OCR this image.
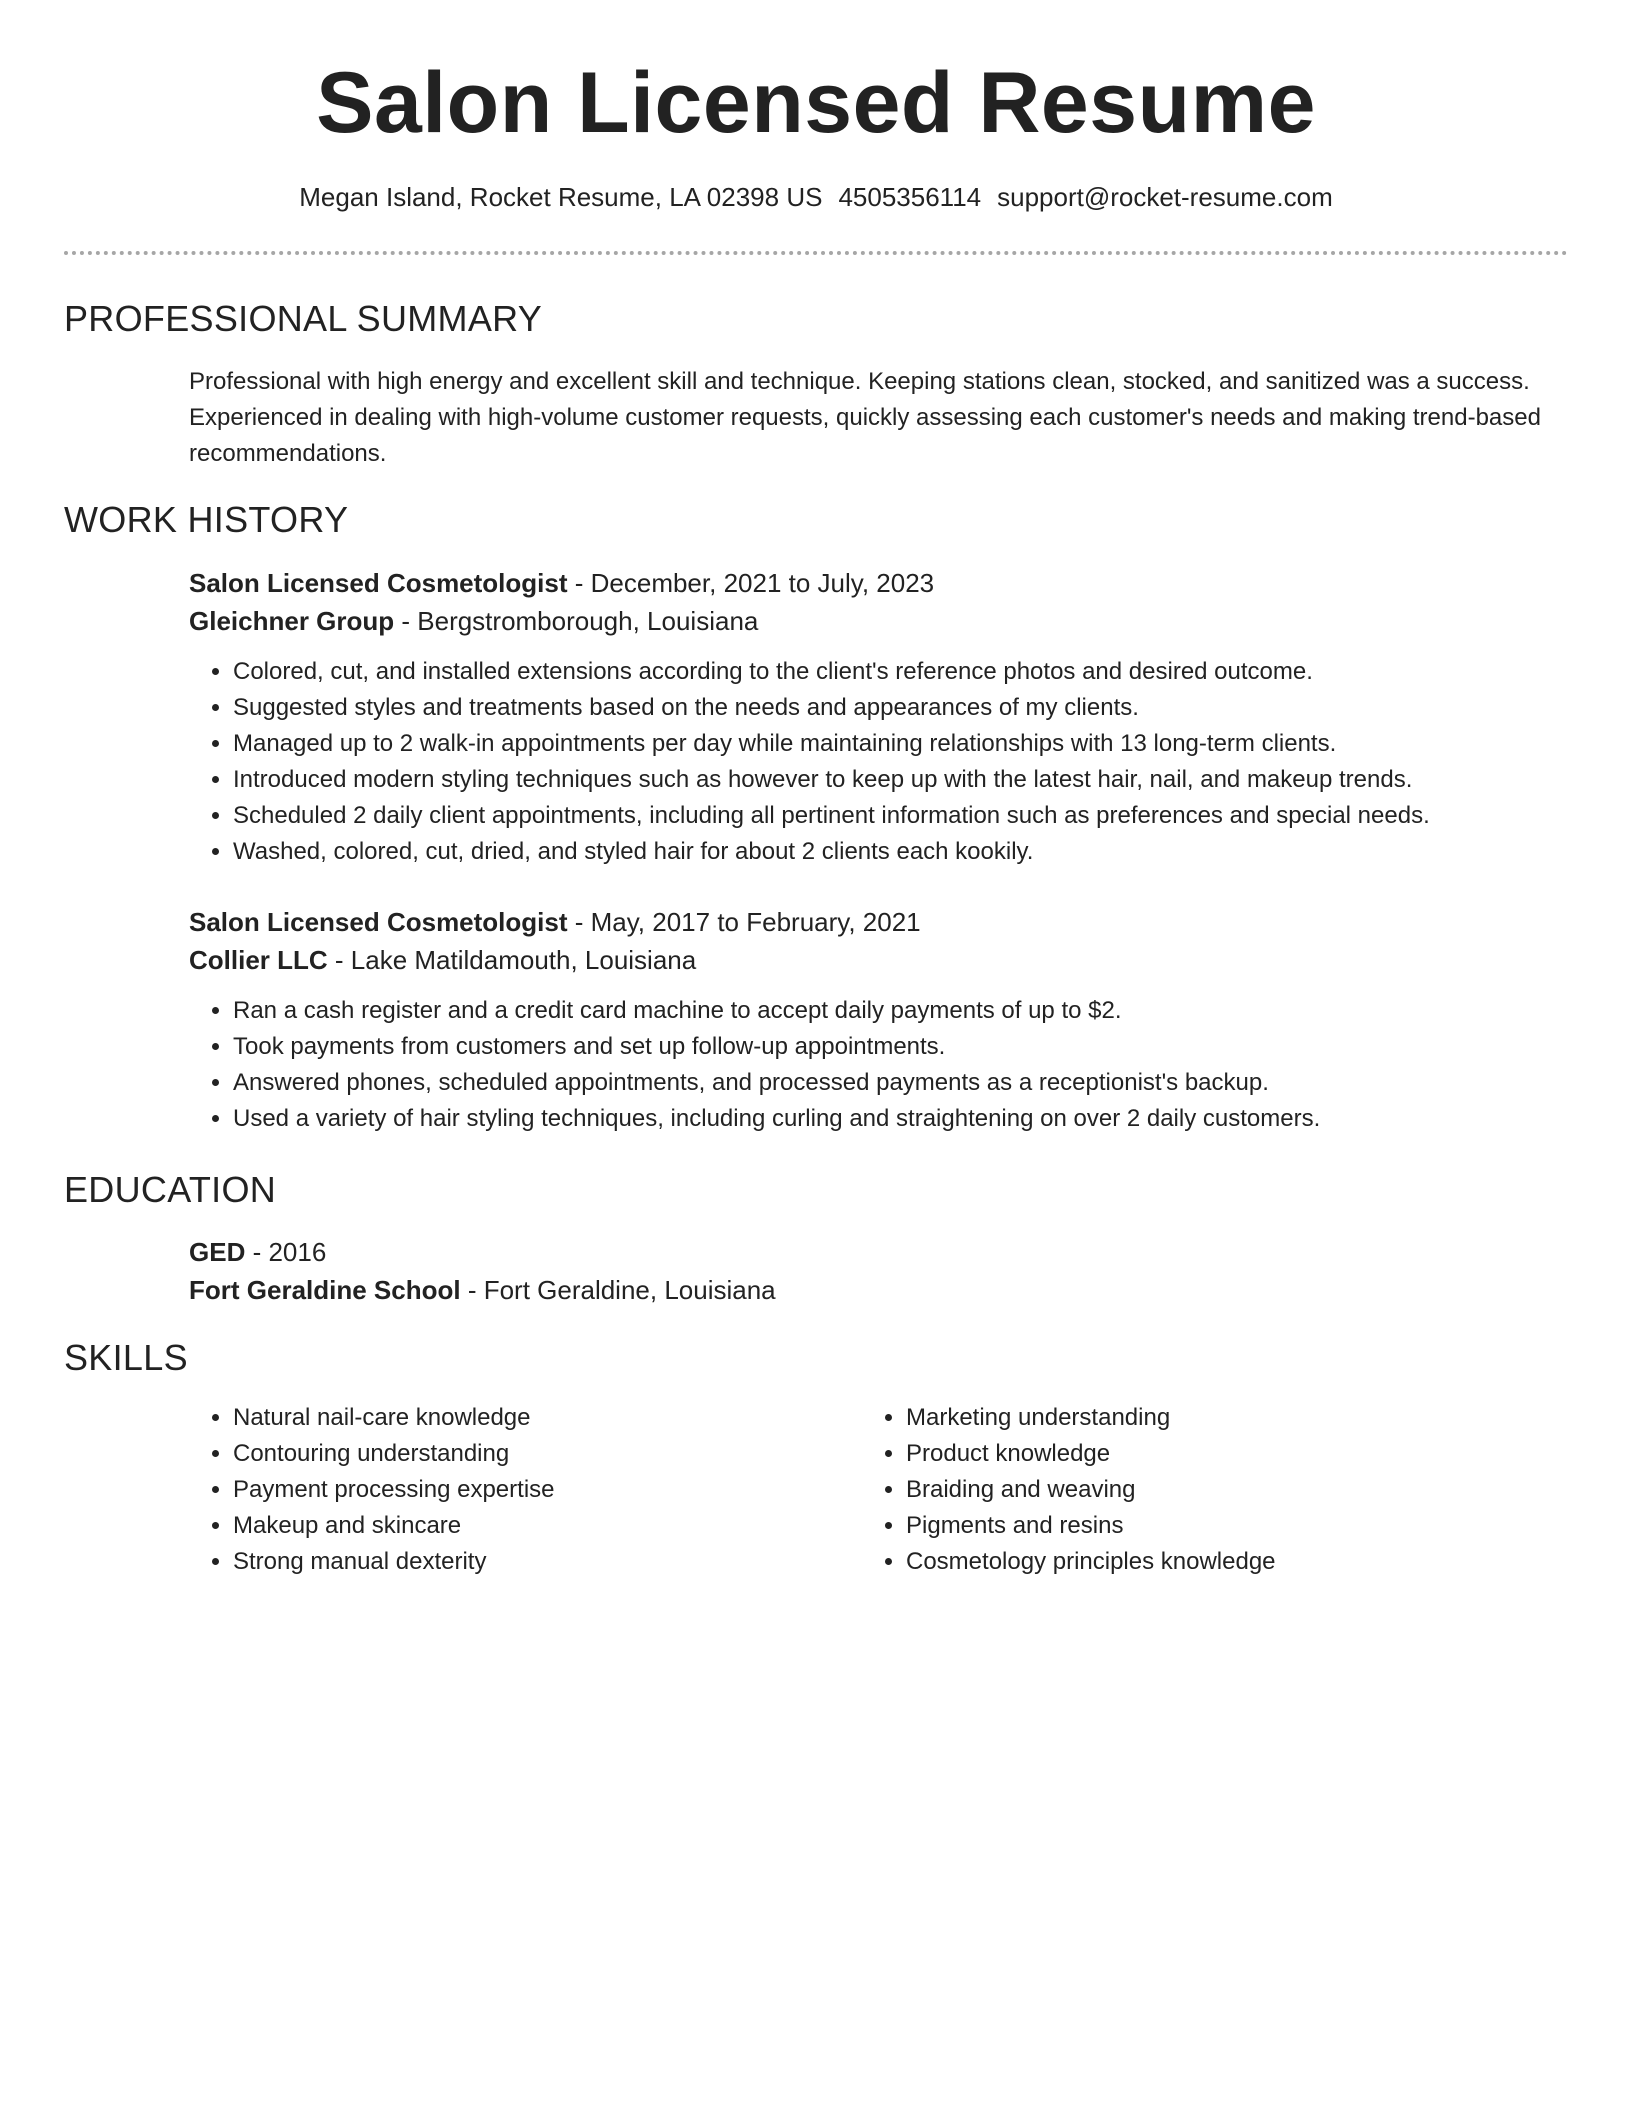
Salon Licensed Resume
Megan Island, Rocket Resume, LA 02398 US 4505356114 support@rocket-resume.com
PROFESSIONAL SUMMARY

Professional with high energy and excellent skill and technique. Keeping stations clean, stocked, and sanitized was a success. Experienced in dealing with high-volume customer requests, quickly assessing each customer's needs and making trend-based recommendations.

WORK HISTORY

Salon Licensed Cosmetologist - December, 2021 to July, 2023

Gleichner Group - Bergstromborough, Louisiana

• Colored, cut, and installed extensions according to the client's reference photos and desired outcome.
• Suggested styles and treatments based on the needs and appearances of my clients.
• Managed up to 2 walk-in appointments per day while maintaining relationships with 13 long-term clients.
• Introduced modern styling techniques such as however to keep up with the latest hair, nail, and makeup trends.
• Scheduled 2 daily client appointments, including all pertinent information such as preferences and special needs.
• Washed, colored, cut, dried, and styled hair for about 2 clients each kookily.

Salon Licensed Cosmetologist - May, 2017 to February, 2021

Collier LLC - Lake Matildamouth, Louisiana

• Ran a cash register and a credit card machine to accept daily payments of up to $2.
• Took payments from customers and set up follow-up appointments.
• Answered phones, scheduled appointments, and processed payments as a receptionist's backup.
• Used a variety of hair styling techniques, including curling and straightening on over 2 daily customers.
EDUCATION

GED - 2016

Fort Geraldine School - Fort Geraldine, Louisiana

SKILLS
• Natural nail-care knowledge
• Contouring understanding
• Payment processing expertise
• Makeup and skincare
• Strong manual dexterity
• Marketing understanding
• Product knowledge
• Braiding and weaving
• Pigments and resins
• Cosmetology principles knowledge
